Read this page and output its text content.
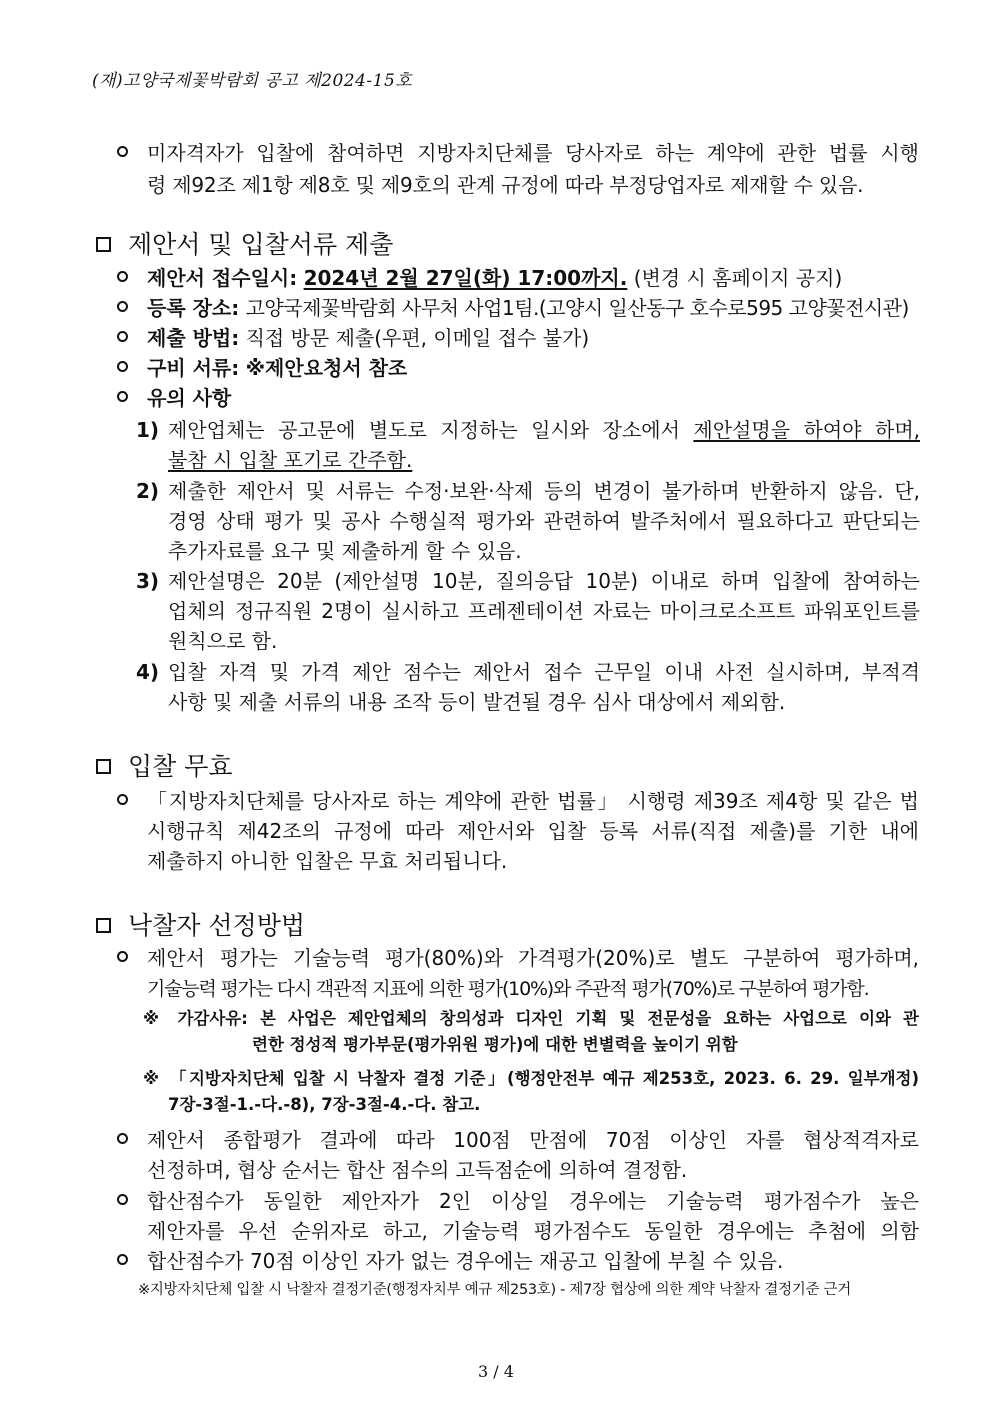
(재)고양국제꽃박람회 공고 제2024-15호
미자격자가 입찰에 참여하면 지방자치단체를 당사자로 하는 계약에 관한 법률 시행
령 제92조 제1항 제8호 및 제9호의 관계 규정에 따라 부정당업자로 제재할 수 있음.
제안서 및 입찰서류 제출
제안서 접수일시: 2024년 2월 27일(화) 17:00까지. (변경 시 홈페이지 공지)
등록 장소: 고양국제꽃박람회 사무처 사업1팀.(고양시 일산동구 호수로595 고양꽃전시관)
제출 방법: 직접 방문 제출(우편, 이메일 접수 불가)
구비 서류: ※제안요청서 참조
유의 사항
1) 제안업체는 공고문에 별도로 지정하는 일시와 장소에서 제안설명을 하여야 하며,
불참 시 입찰 포기로 간주함.
2) 제출한 제안서 및 서류는 수정·보완·삭제 등의 변경이 불가하며 반환하지 않음. 단,
경영 상태 평가 및 공사 수행실적 평가와 관련하여 발주처에서 필요하다고 판단되는
추가자료를 요구 및 제출하게 할 수 있음.
3) 제안설명은 20분 (제안설명 10분, 질의응답 10분) 이내로 하며 입찰에 참여하는
업체의 정규직원 2명이 실시하고 프레젠테이션 자료는 마이크로소프트 파워포인트를
원칙으로 함.
4) 입찰 자격 및 가격 제안 점수는 제안서 접수 근무일 이내 사전 실시하며, 부적격
사항 및 제출 서류의 내용 조작 등이 발견될 경우 심사 대상에서 제외함.
입찰 무효
「지방자치단체를 당사자로 하는 계약에 관한 법률」 시행령 제39조 제4항 및 같은 법
시행규칙 제42조의 규정에 따라 제안서와 입찰 등록 서류(직접 제출)를 기한 내에
제출하지 아니한 입찰은 무효 처리됩니다.
낙찰자 선정방법
제안서 평가는 기술능력 평가(80%)와 가격평가(20%)로 별도 구분하여 평가하며,
기술능력 평가는 다시 객관적 지표에 의한 평가(10%)와 주관적 평가(70%)로 구분하여 평가함.
※ 가감사유: 본 사업은 제안업체의 창의성과 디자인 기획 및 전문성을 요하는 사업으로 이와 관
련한 정성적 평가부문(평가위원 평가)에 대한 변별력을 높이기 위함
※ 「지방자치단체 입찰 시 낙찰자 결정 기준」(행정안전부 예규 제253호, 2023. 6. 29. 일부개정)
7장-3절-1.-다.-8), 7장-3절-4.-다. 참고.
제안서 종합평가 결과에 따라 100점 만점에 70점 이상인 자를 협상적격자로
선정하며, 협상 순서는 합산 점수의 고득점순에 의하여 결정함.
합산점수가 동일한 제안자가 2인 이상일 경우에는 기술능력 평가점수가 높은
제안자를 우선 순위자로 하고, 기술능력 평가점수도 동일한 경우에는 추첨에 의함
합산점수가 70점 이상인 자가 없는 경우에는 재공고 입찰에 부칠 수 있음.
※지방자치단체 입찰 시 낙찰자 결정기준(행정자치부 예규 제253호) - 제7장 협상에 의한 계약 낙찰자 결정기준 근거
3 / 4
